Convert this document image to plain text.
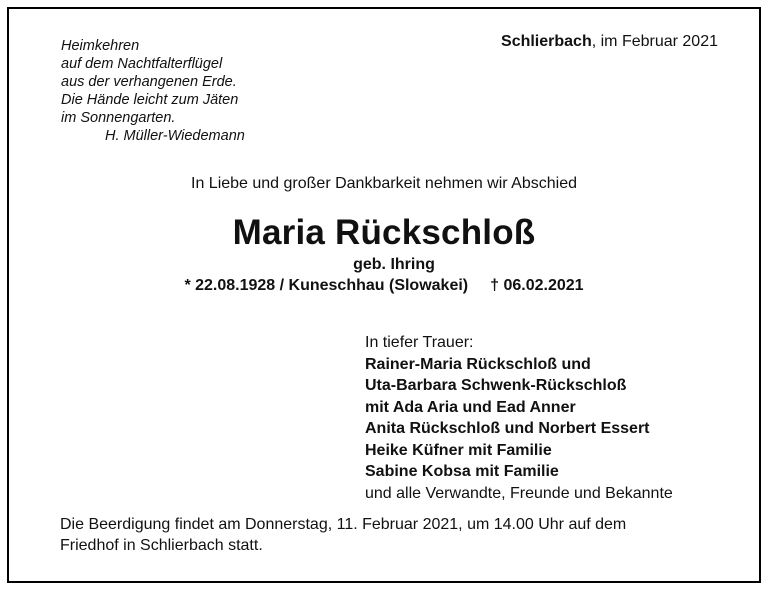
Heimkehren
auf dem Nachtfalterflügel
aus der verhangenen Erde.
Die Hände leicht zum Jäten
im Sonnengarten.
H. Müller-Wiedemann
Schlierbach, im Februar 2021
In Liebe und großer Dankbarkeit nehmen wir Abschied
Maria Rückschloß
geb. Ihring
* 22.08.1928 / Kuneschhau (Slowakei) † 06.02.2021
In tiefer Trauer:
Rainer-Maria Rückschloß und
Uta-Barbara Schwenk-Rückschloß
mit Ada Aria und Ead Anner
Anita Rückschloß und Norbert Essert
Heike Küfner mit Familie
Sabine Kobsa mit Familie
und alle Verwandte, Freunde und Bekannte
Die Beerdigung findet am Donnerstag, 11. Februar 2021, um 14.00 Uhr auf dem
Friedhof in Schlierbach statt.
